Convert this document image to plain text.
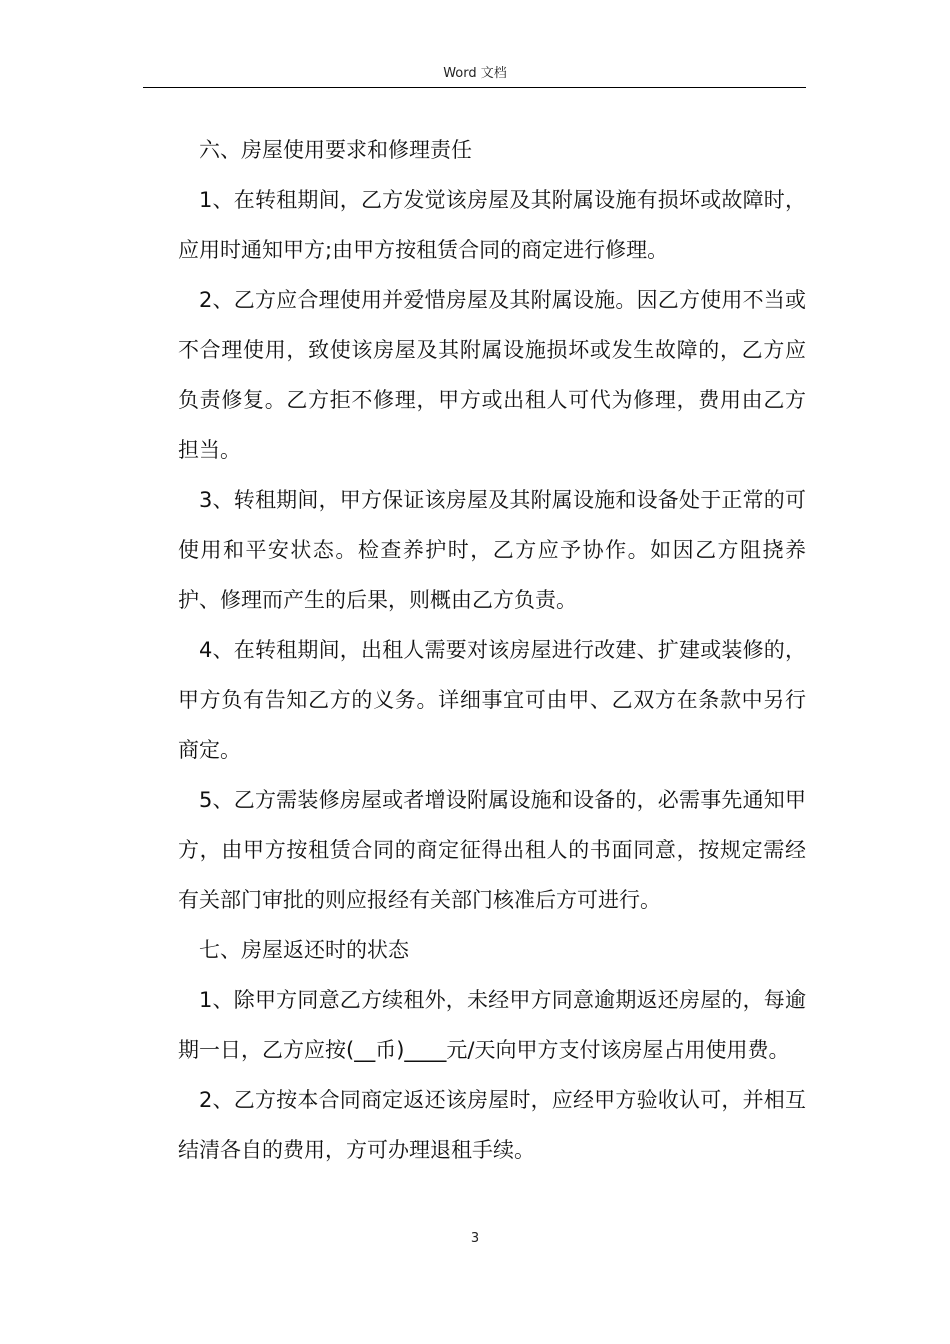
Word 文档

六、房屋使用要求和修理责任

1、在转租期间，乙方发觉该房屋及其附属设施有损坏或故障时，应用时通知甲方;由甲方按租赁合同的商定进行修理。

2、乙方应合理使用并爱惜房屋及其附属设施。因乙方使用不当或不合理使用，致使该房屋及其附属设施损坏或发生故障的，乙方应负责修复。乙方拒不修理，甲方或出租人可代为修理，费用由乙方担当。

3、转租期间，甲方保证该房屋及其附属设施和设备处于正常的可使用和平安状态。检查养护时，乙方应予协作。如因乙方阻挠养护、修理而产生的后果，则概由乙方负责。

4、在转租期间，出租人需要对该房屋进行改建、扩建或装修的，甲方负有告知乙方的义务。详细事宜可由甲、乙双方在条款中另行商定。

5、乙方需装修房屋或者增设附属设施和设备的，必需事先通知甲方，由甲方按租赁合同的商定征得出租人的书面同意，按规定需经有关部门审批的则应报经有关部门核准后方可进行。

七、房屋返还时的状态

1、除甲方同意乙方续租外，未经甲方同意逾期返还房屋的，每逾期一日，乙方应按(__币)____元/天向甲方支付该房屋占用使用费。

2、乙方按本合同商定返还该房屋时，应经甲方验收认可，并相互结清各自的费用，方可办理退租手续。

3
